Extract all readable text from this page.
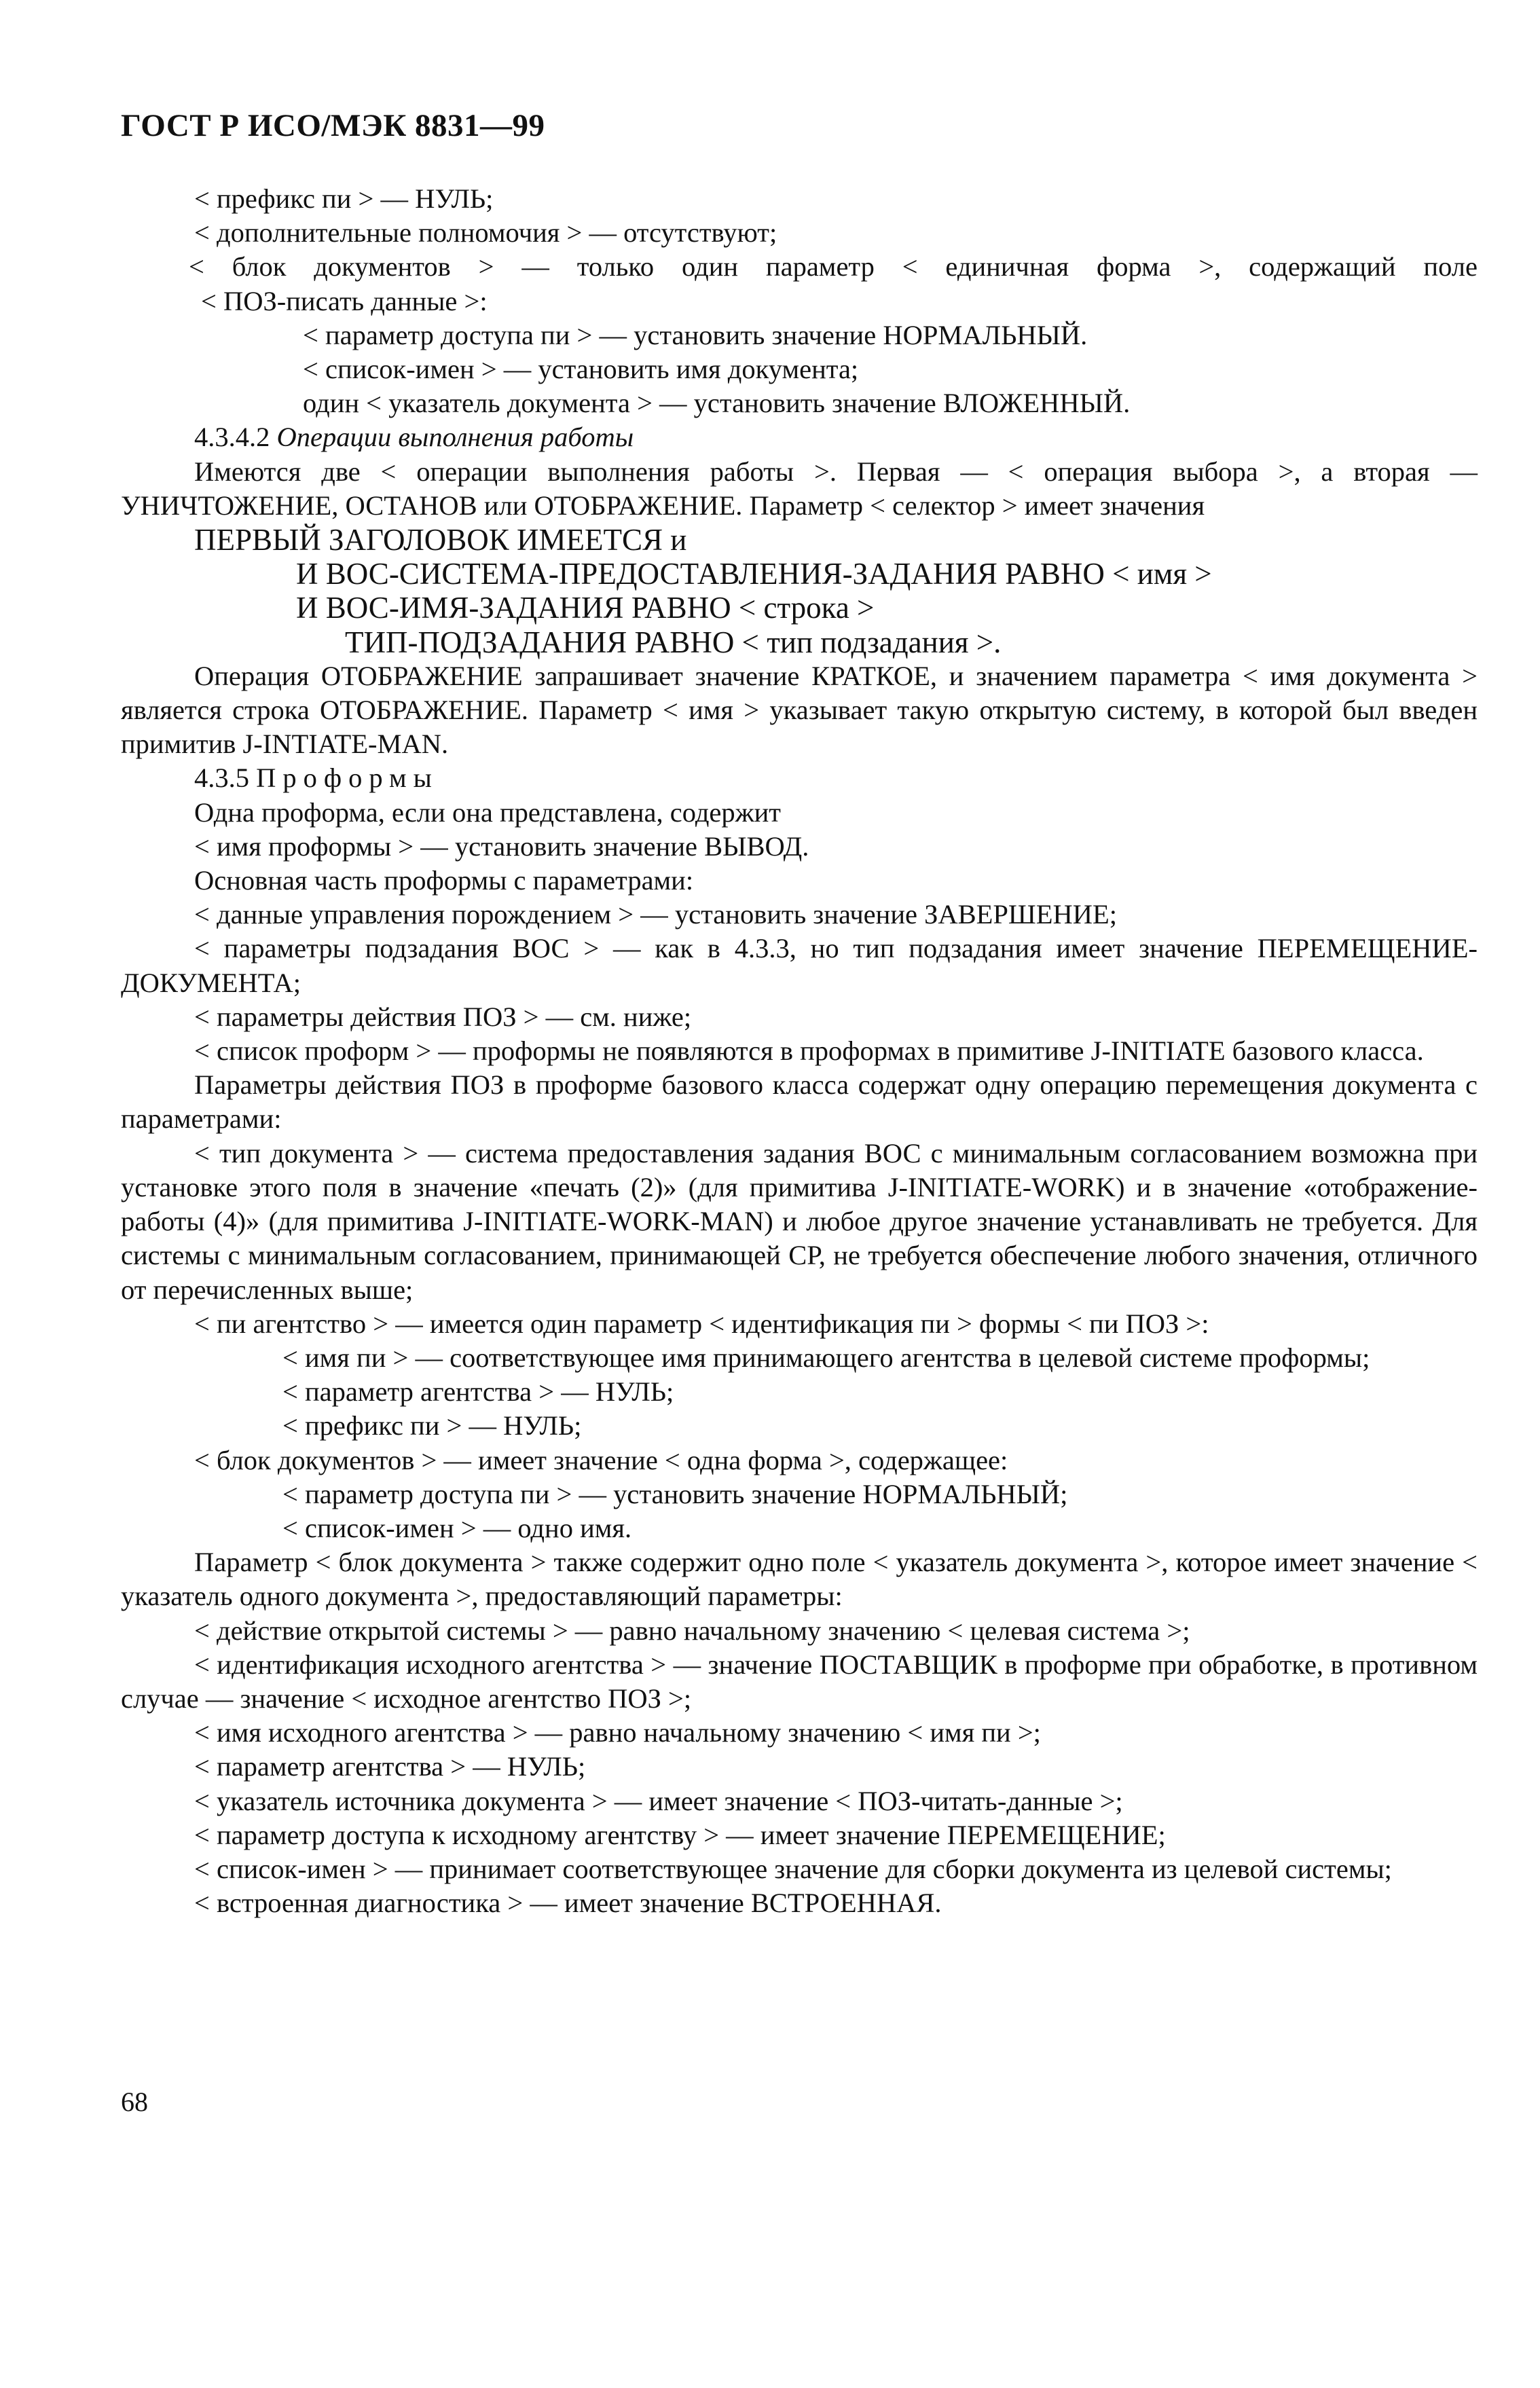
ГОСТ Р ИСО/МЭК 8831—99

< префикс пи > — НУЛЬ;

< дополнительные полномочия > — отсутствуют;

< блок документов > — только один параметр < единичная форма >, содержащий поле

< ПОЗ-писать данные >:

< параметр доступа пи > — установить значение НОРМАЛЬНЫЙ.

< список-имен > — установить имя документа;

один < указатель документа > — установить значение ВЛОЖЕННЫЙ.

4.3.4.2 Операции выполнения работы

Имеются две < операции выполнения работы >. Первая — < операция выбора >, а вторая — УНИЧТОЖЕНИЕ, ОСТАНОВ или ОТОБРАЖЕНИЕ. Параметр < селектор > имеет значения

ПЕРВЫЙ ЗАГОЛОВОК ИМЕЕТСЯ и

И ВОС-СИСТЕМА-ПРЕДОСТАВЛЕНИЯ-ЗАДАНИЯ РАВНО < имя >

И ВОС-ИМЯ-ЗАДАНИЯ РАВНО < строка >

ТИП-ПОДЗАДАНИЯ РАВНО < тип подзадания >.

Операция ОТОБРАЖЕНИЕ запрашивает значение КРАТКОЕ, и значением параметра < имя документа > является строка ОТОБРАЖЕНИЕ. Параметр < имя > указывает такую открытую систему, в которой был введен примитив J-INTIATE-MAN.

4.3.5 Проформы

Одна проформа, если она представлена, содержит

< имя проформы > — установить значение ВЫВОД.

Основная часть проформы с параметрами:

< данные управления порождением > — установить значение ЗАВЕРШЕНИЕ;

< параметры подзадания ВОС > — как в 4.3.3, но тип подзадания имеет значение ПЕРЕМЕЩЕНИЕ-ДОКУМЕНТА;

< параметры действия ПОЗ > — см. ниже;

< список проформ > — проформы не появляются в проформах в примитиве J-INITIATE базового класса.

Параметры действия ПОЗ в проформе базового класса содержат одну операцию перемещения документа с параметрами:

< тип документа > — система предоставления задания ВОС с минимальным согласованием возможна при установке этого поля в значение «печать (2)» (для примитива J-INITIATE-WORK) и в значение «отображение-работы (4)» (для примитива J-INITIATE-WORK-MAN) и любое другое значение устанавливать не требуется. Для системы с минимальным согласованием, принимающей СР, не требуется обеспечение любого значения, отличного от перечисленных выше;

< пи агентство > — имеется один параметр < идентификация пи > формы < пи ПОЗ >:

< имя пи > — соответствующее имя принимающего агентства в целевой системе проформы;

< параметр агентства > — НУЛЬ;

< префикс пи > — НУЛЬ;

< блок документов > — имеет значение < одна форма >, содержащее:

< параметр доступа пи > — установить значение НОРМАЛЬНЫЙ;

< список-имен > — одно имя.

Параметр < блок документа > также содержит одно поле < указатель документа >, которое имеет значение < указатель одного документа >, предоставляющий параметры:

< действие открытой системы > — равно начальному значению < целевая система >;

< идентификация исходного агентства > — значение ПОСТАВЩИК в проформе при обработке, в противном случае — значение < исходное агентство ПОЗ >;

< имя исходного агентства > — равно начальному значению < имя пи >;

< параметр агентства > — НУЛЬ;

< указатель источника документа > — имеет значение < ПОЗ-читать-данные >;

< параметр доступа к исходному агентству > — имеет значение ПЕРЕМЕЩЕНИЕ;

< список-имен > — принимает соответствующее значение для сборки документа из целевой системы;

< встроенная диагностика > — имеет значение ВСТРОЕННАЯ.

68
